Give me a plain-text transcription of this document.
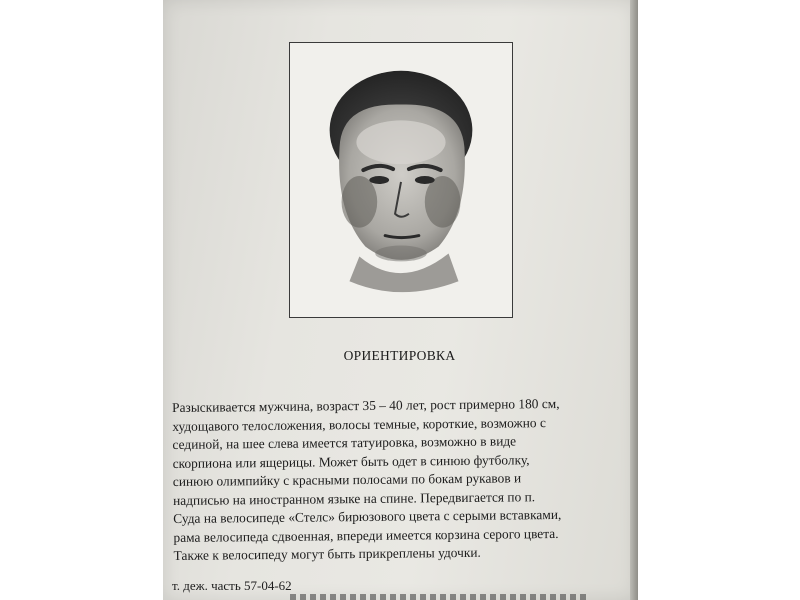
ОРИЕНТИРОВКА
Разыскивается мужчина, возраст 35 – 40 лет, рост примерно 180 см,
худощавого телосложения, волосы темные, короткие, возможно с
сединой, на шее слева имеется татуировка, возможно в виде
скорпиона или ящерицы. Может быть одет в синюю футболку,
синюю олимпийку с красными полосами по бокам рукавов и
надписью на иностранном языке на спине. Передвигается по п.
Суда на велосипеде «Стелс» бирюзового цвета с серыми вставками,
рама велосипеда сдвоенная, впереди имеется корзина серого цвета.
Также к велосипеду могут быть прикреплены удочки.
т. деж. часть 57-04-62
